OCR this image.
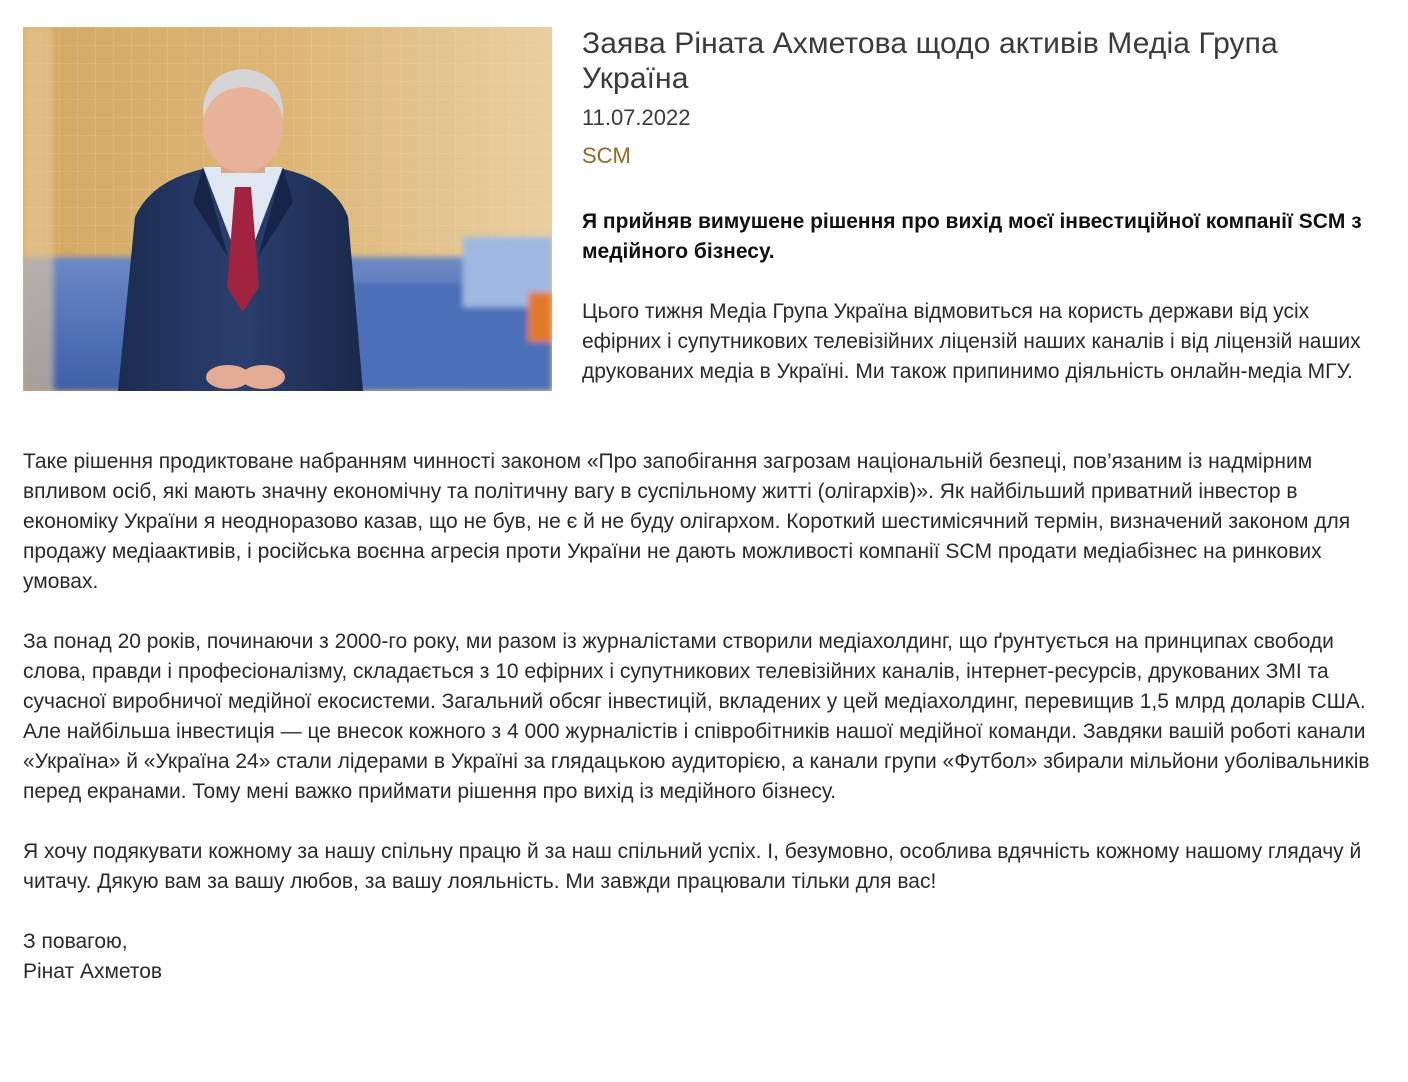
Заява Ріната Ахметова щодо активів Медіа Група Україна
11.07.2022
SCM

Я прийняв вимушене рішення про вихід моєї інвестиційної компанії SCM з медійного бізнесу.

Цього тижня Медіа Група Україна відмовиться на користь держави від усіх ефірних і супутникових телевізійних ліцензій наших каналів і від ліцензій наших друкованих медіа в Україні. Ми також припинимо діяльність онлайн-медіа МГУ.

Таке рішення продиктоване набранням чинності законом «Про запобігання загрозам національній безпеці, пов’язаним із надмірним впливом осіб, які мають значну економічну та політичну вагу в суспільному житті (олігархів)». Як найбільший приватний інвестор в економіку України я неодноразово казав, що не був, не є й не буду олігархом. Короткий шестимісячний термін, визначений законом для продажу медіаактивів, і російська воєнна агресія проти України не дають можливості компанії SCM продати медіабізнес на ринкових умовах.

За понад 20 років, починаючи з 2000-го року, ми разом із журналістами створили медіахолдинг, що ґрунтується на принципах свободи слова, правди і професіоналізму, складається з 10 ефірних і супутникових телевізійних каналів, інтернет-ресурсів, друкованих ЗМІ та сучасної виробничої медійної екосистеми. Загальний обсяг інвестицій, вкладених у цей медіахолдинг, перевищив 1,5 млрд доларів США. Але найбільша інвестиція — це внесок кожного з 4 000 журналістів і співробітників нашої медійної команди. Завдяки вашій роботі канали «Україна» й «Україна 24» стали лідерами в Україні за глядацькою аудиторією, а канали групи «Футбол» збирали мільйони уболівальників перед екранами. Тому мені важко приймати рішення про вихід із медійного бізнесу.

Я хочу подякувати кожному за нашу спільну працю й за наш спільний успіх. І, безумовно, особлива вдячність кожному нашому глядачу й читачу. Дякую вам за вашу любов, за вашу лояльність. Ми завжди працювали тільки для вас!

З повагою,
Рінат Ахметов
